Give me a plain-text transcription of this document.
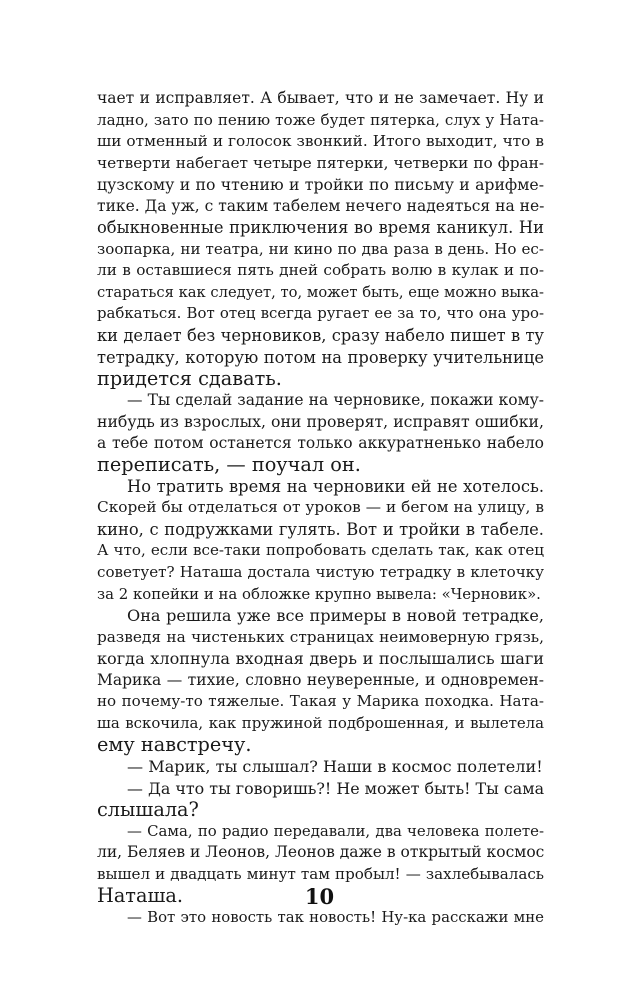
чает и исправляет. А бывает, что и не замечает. Ну и
ладно, зато по пению тоже будет пятерка, слух у Ната-
ши отменный и голосок звонкий. Итого выходит, что в
четверти набегает четыре пятерки, четверки по фран-
цузскому и по чтению и тройки по письму и арифме-
тике. Да уж, с таким табелем нечего надеяться на не-
обыкновенные приключения во время каникул. Ни
зоопарка, ни театра, ни кино по два раза в день. Но ес-
ли в оставшиеся пять дней собрать волю в кулак и по-
стараться как следует, то, может быть, еще можно выка-
рабкаться. Вот отец всегда ругает ее за то, что она уро-
ки делает без черновиков, сразу набело пишет в ту
тетрадку, которую потом на проверку учительнице
придется сдавать.
— Ты сделай задание на черновике, покажи кому-
нибудь из взрослых, они проверят, исправят ошибки,
а тебе потом останется только аккуратненько набело
переписать, — поучал он.
Но тратить время на черновики ей не хотелось.
Скорей бы отделаться от уроков — и бегом на улицу, в
кино, с подружками гулять. Вот и тройки в табеле.
А что, если все-таки попробовать сделать так, как отец
советует? Наташа достала чистую тетрадку в клеточку
за 2 копейки и на обложке крупно вывела: «Черновик».
Она решила уже все примеры в новой тетрадке,
разведя на чистеньких страницах неимоверную грязь,
когда хлопнула входная дверь и послышались шаги
Марика — тихие, словно неуверенные, и одновремен-
но почему-то тяжелые. Такая у Марика походка. Ната-
ша вскочила, как пружиной подброшенная, и вылетела
ему навстречу.
— Марик, ты слышал? Наши в космос полетели!
— Да что ты говоришь?! Не может быть! Ты сама
слышала?
— Сама, по радио передавали, два человека полете-
ли, Беляев и Леонов, Леонов даже в открытый космос
вышел и двадцать минут там пробыл! — захлебывалась
Наташа.
— Вот это новость так новость! Ну-ка расскажи мне
10
